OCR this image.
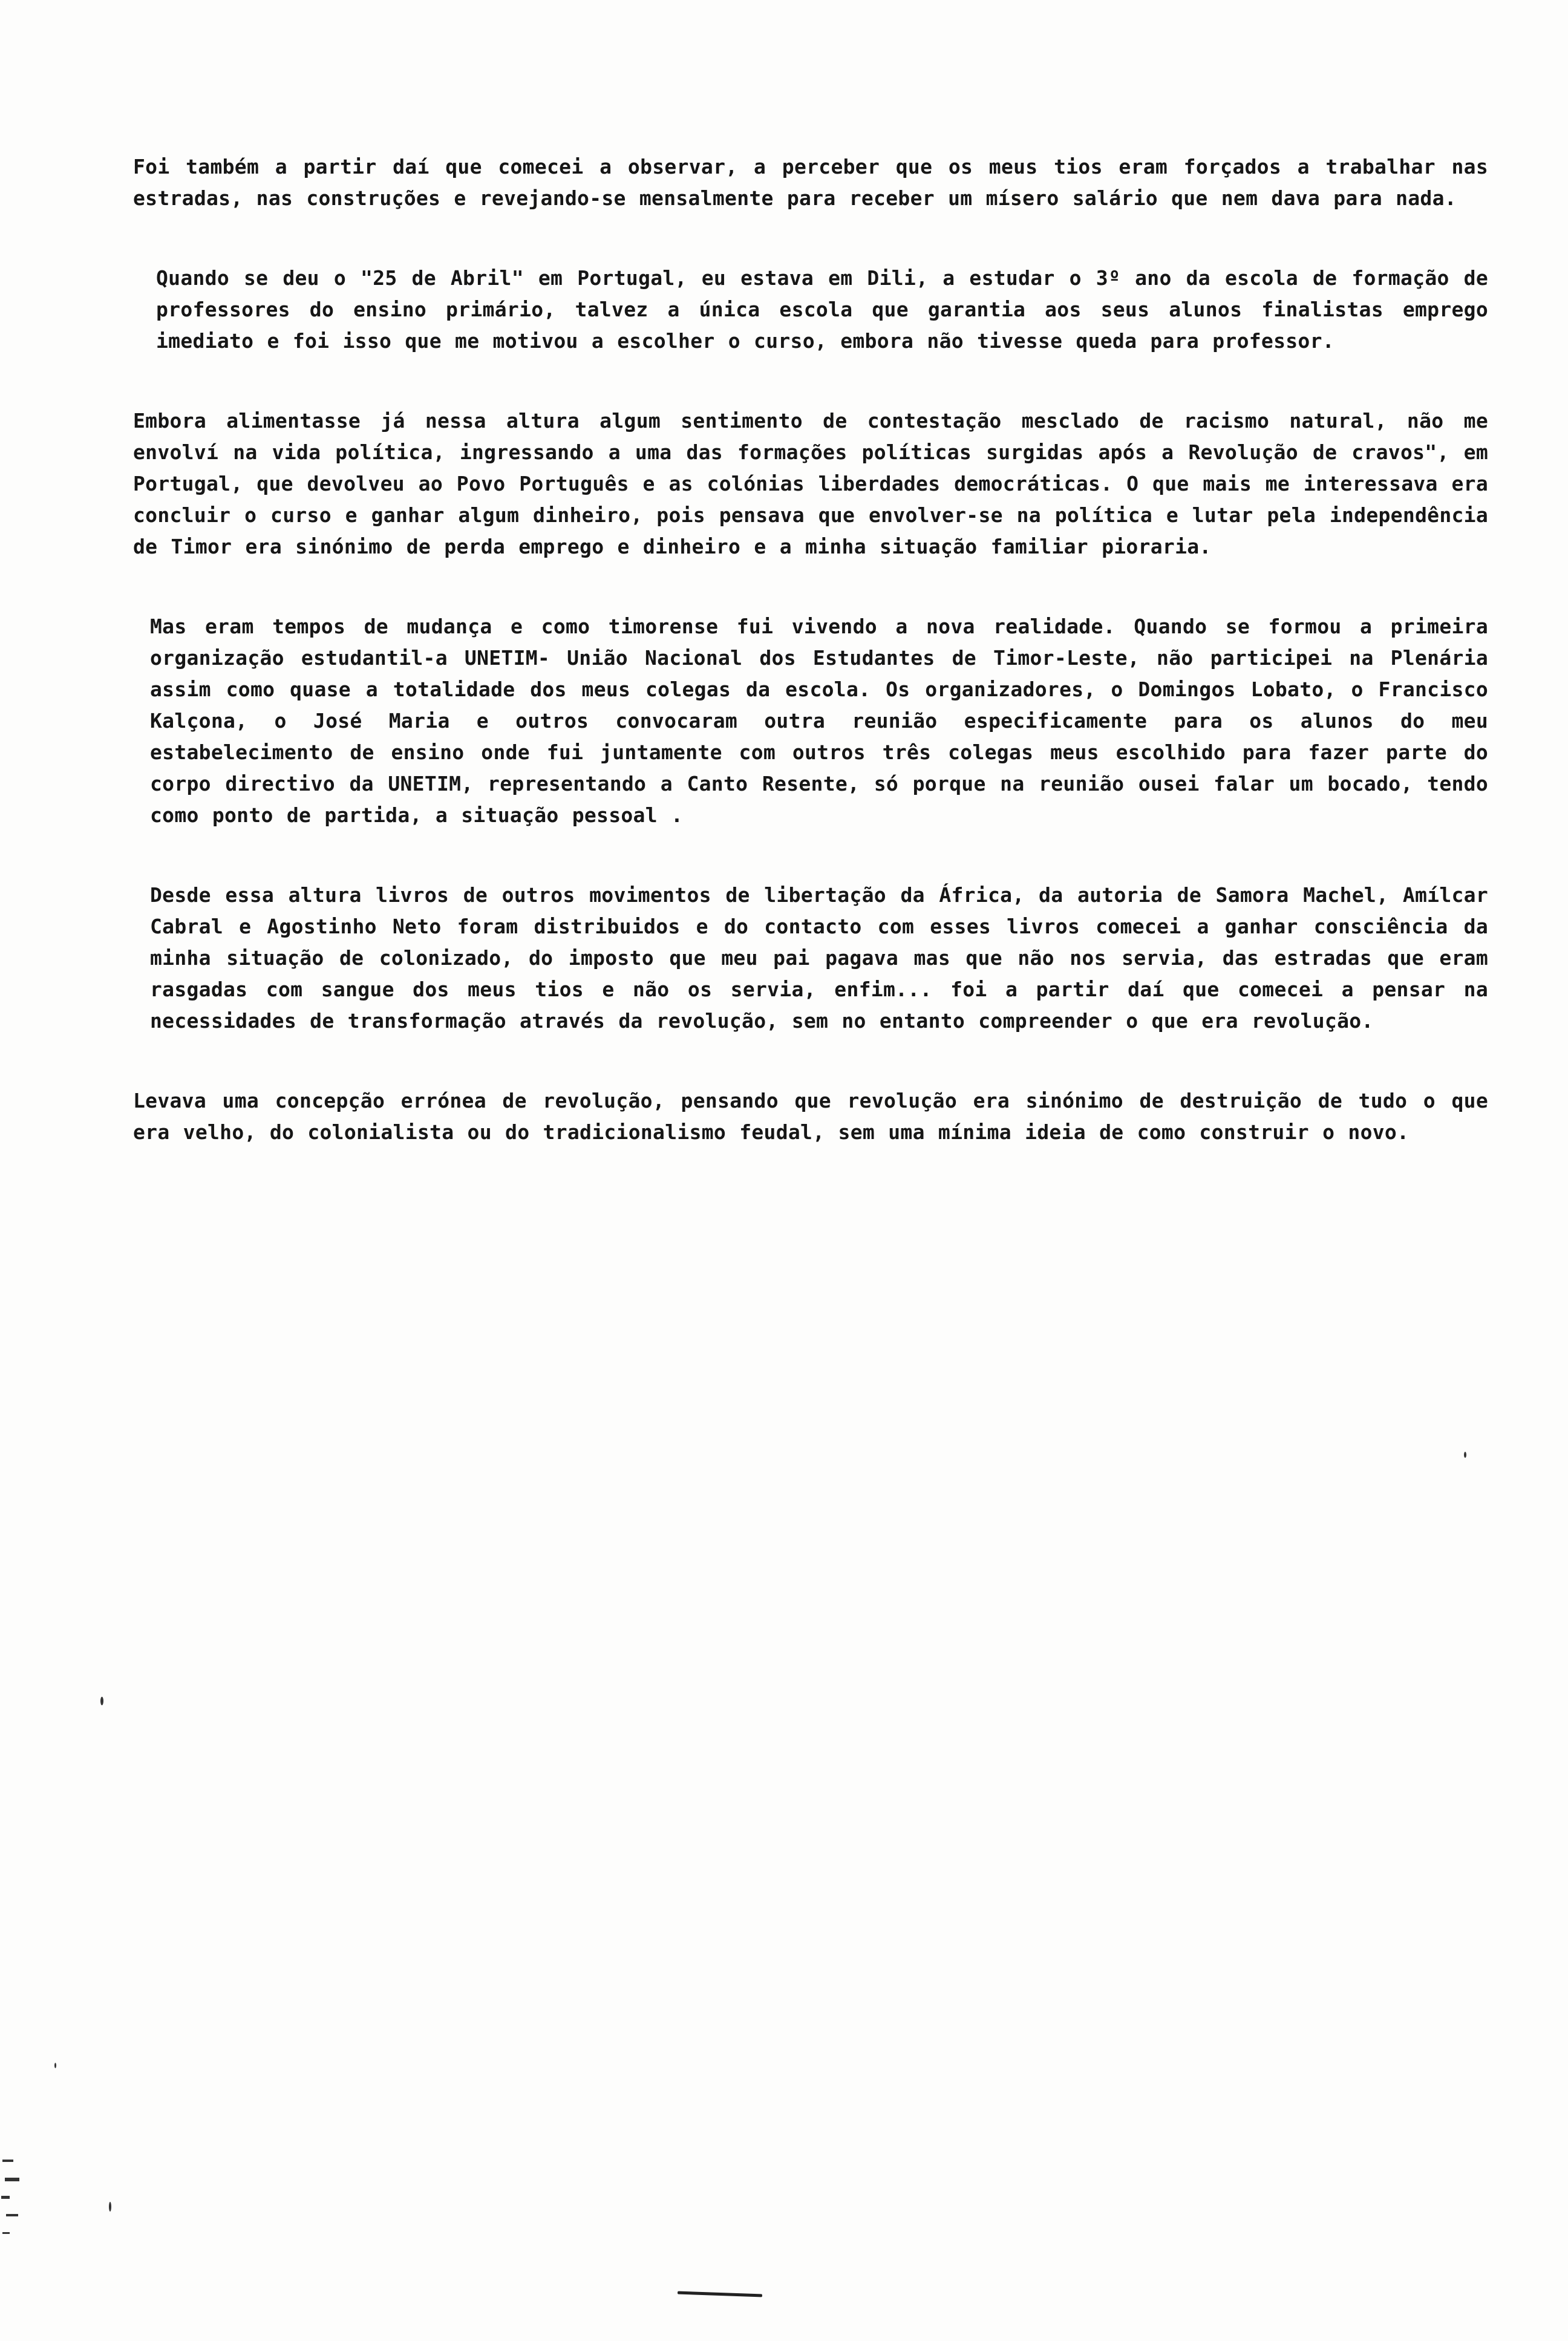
Foi também a partir daí que comecei a observar, a perceber que os meus tios eram forçados a trabalhar nas estradas, nas construções e revejando-se mensalmente para receber um mísero salário que nem dava para nada.

Quando se deu o "25 de Abril" em Portugal, eu estava em Dili, a estudar o 3º ano da escola de formação de professores do ensino primário, talvez a única escola que garantia aos seus alunos finalistas emprego imediato e foi isso que me motivou a escolher o curso, embora não tivesse queda para professor.

Embora alimentasse já nessa altura algum sentimento de contestação mesclado de racismo natural, não me envolví na vida política, ingressando a uma das formações políticas surgidas após a Revolução de cravos", em Portugal, que devolveu ao Povo Português e as colónias liberdades democráticas. O que mais me interessava era concluir o curso e ganhar algum dinheiro, pois pensava que envolver-se na política e lutar pela independência de Timor era sinónimo de perda emprego e dinheiro e a minha situação familiar pioraria.

Mas eram tempos de mudança e como timorense fui vivendo a nova realidade. Quando se formou a primeira organização estudantil-a UNETIM- União Nacional dos Estudantes de Timor-Leste, não participei na Plenária assim como quase a totalidade dos meus colegas da escola. Os organizadores, o Domingos Lobato, o Francisco Kalçona, o José Maria e outros convocaram outra reunião especificamente para os alunos do meu estabelecimento de ensino onde fui juntamente com outros três colegas meus escolhido para fazer parte do corpo directivo da UNETIM, representando a Canto Resente, só porque na reunião ousei falar um bocado, tendo como ponto de partida, a situação pessoal .

Desde essa altura livros de outros movimentos de libertação da África, da autoria de Samora Machel, Amílcar Cabral e Agostinho Neto foram distribuidos e do contacto com esses livros comecei a ganhar consciência da minha situação de colonizado, do imposto que meu pai pagava mas que não nos servia, das estradas que eram rasgadas com sangue dos meus tios e não os servia, enfim... foi a partir daí que comecei a pensar na necessidades de transformação através da revolução, sem no entanto compreender o que era revolução.

Levava uma concepção errónea de revolução, pensando que revolução era sinónimo de destruição de tudo o que era velho, do colonialista ou do tradicionalismo feudal, sem uma mínima ideia de como construir o novo.
